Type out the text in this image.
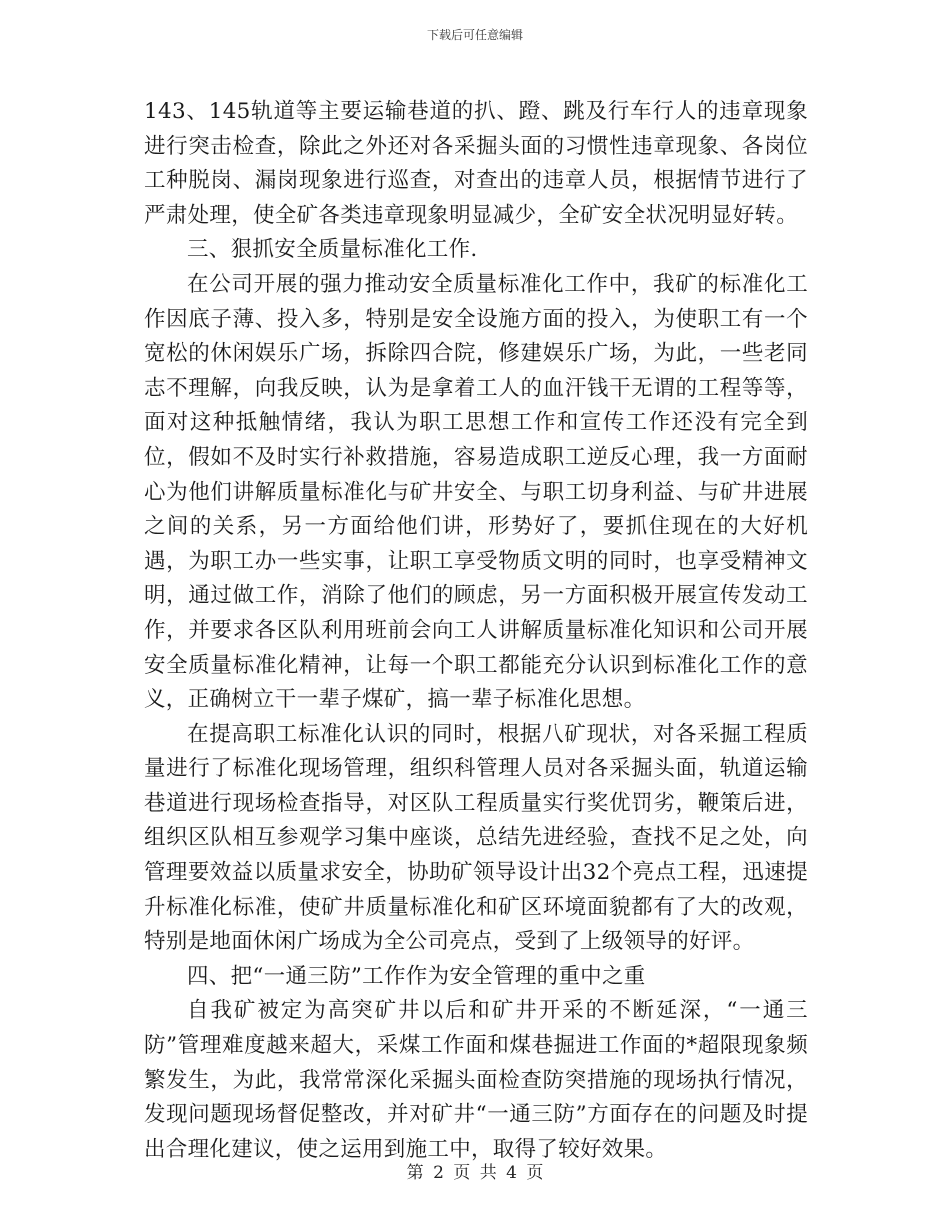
下载后可任意编辑

143、145轨道等主要运输巷道的扒、蹬、跳及行车行人的违章现象进行突击检查，除此之外还对各采掘头面的习惯性违章现象、各岗位工种脱岗、漏岗现象进行巡查，对查出的违章人员，根据情节进行了严肃处理，使全矿各类违章现象明显减少，全矿安全状况明显好转。

三、狠抓安全质量标准化工作.

在公司开展的强力推动安全质量标准化工作中，我矿的标准化工作因底子薄、投入多，特别是安全设施方面的投入，为使职工有一个宽松的休闲娱乐广场，拆除四合院，修建娱乐广场，为此，一些老同志不理解，向我反映，认为是拿着工人的血汗钱干无谓的工程等等，面对这种抵触情绪，我认为职工思想工作和宣传工作还没有完全到位，假如不及时实行补救措施，容易造成职工逆反心理，我一方面耐心为他们讲解质量标准化与矿井安全、与职工切身利益、与矿井进展之间的关系，另一方面给他们讲，形势好了，要抓住现在的大好机遇，为职工办一些实事，让职工享受物质文明的同时，也享受精神文明，通过做工作，消除了他们的顾虑，另一方面积极开展宣传发动工作，并要求各区队利用班前会向工人讲解质量标准化知识和公司开展安全质量标准化精神，让每一个职工都能充分认识到标准化工作的意义，正确树立干一辈子煤矿，搞一辈子标准化思想。

在提高职工标准化认识的同时，根据八矿现状，对各采掘工程质量进行了标准化现场管理，组织科管理人员对各采掘头面，轨道运输巷道进行现场检查指导，对区队工程质量实行奖优罚劣，鞭策后进，组织区队相互参观学习集中座谈，总结先进经验，查找不足之处，向管理要效益以质量求安全，协助矿领导设计出32个亮点工程，迅速提升标准化标准，使矿井质量标准化和矿区环境面貌都有了大的改观，特别是地面休闲广场成为全公司亮点，受到了上级领导的好评。

四、把“一通三防”工作作为安全管理的重中之重

自我矿被定为高突矿井以后和矿井开采的不断延深，“一通三防”管理难度越来超大，采煤工作面和煤巷掘进工作面的*超限现象频繁发生，为此，我常常深化采掘头面检查防突措施的现场执行情况，发现问题现场督促整改，并对矿井“一通三防”方面存在的问题及时提出合理化建议，使之运用到施工中，取得了较好效果。

第 2 页 共 4 页
